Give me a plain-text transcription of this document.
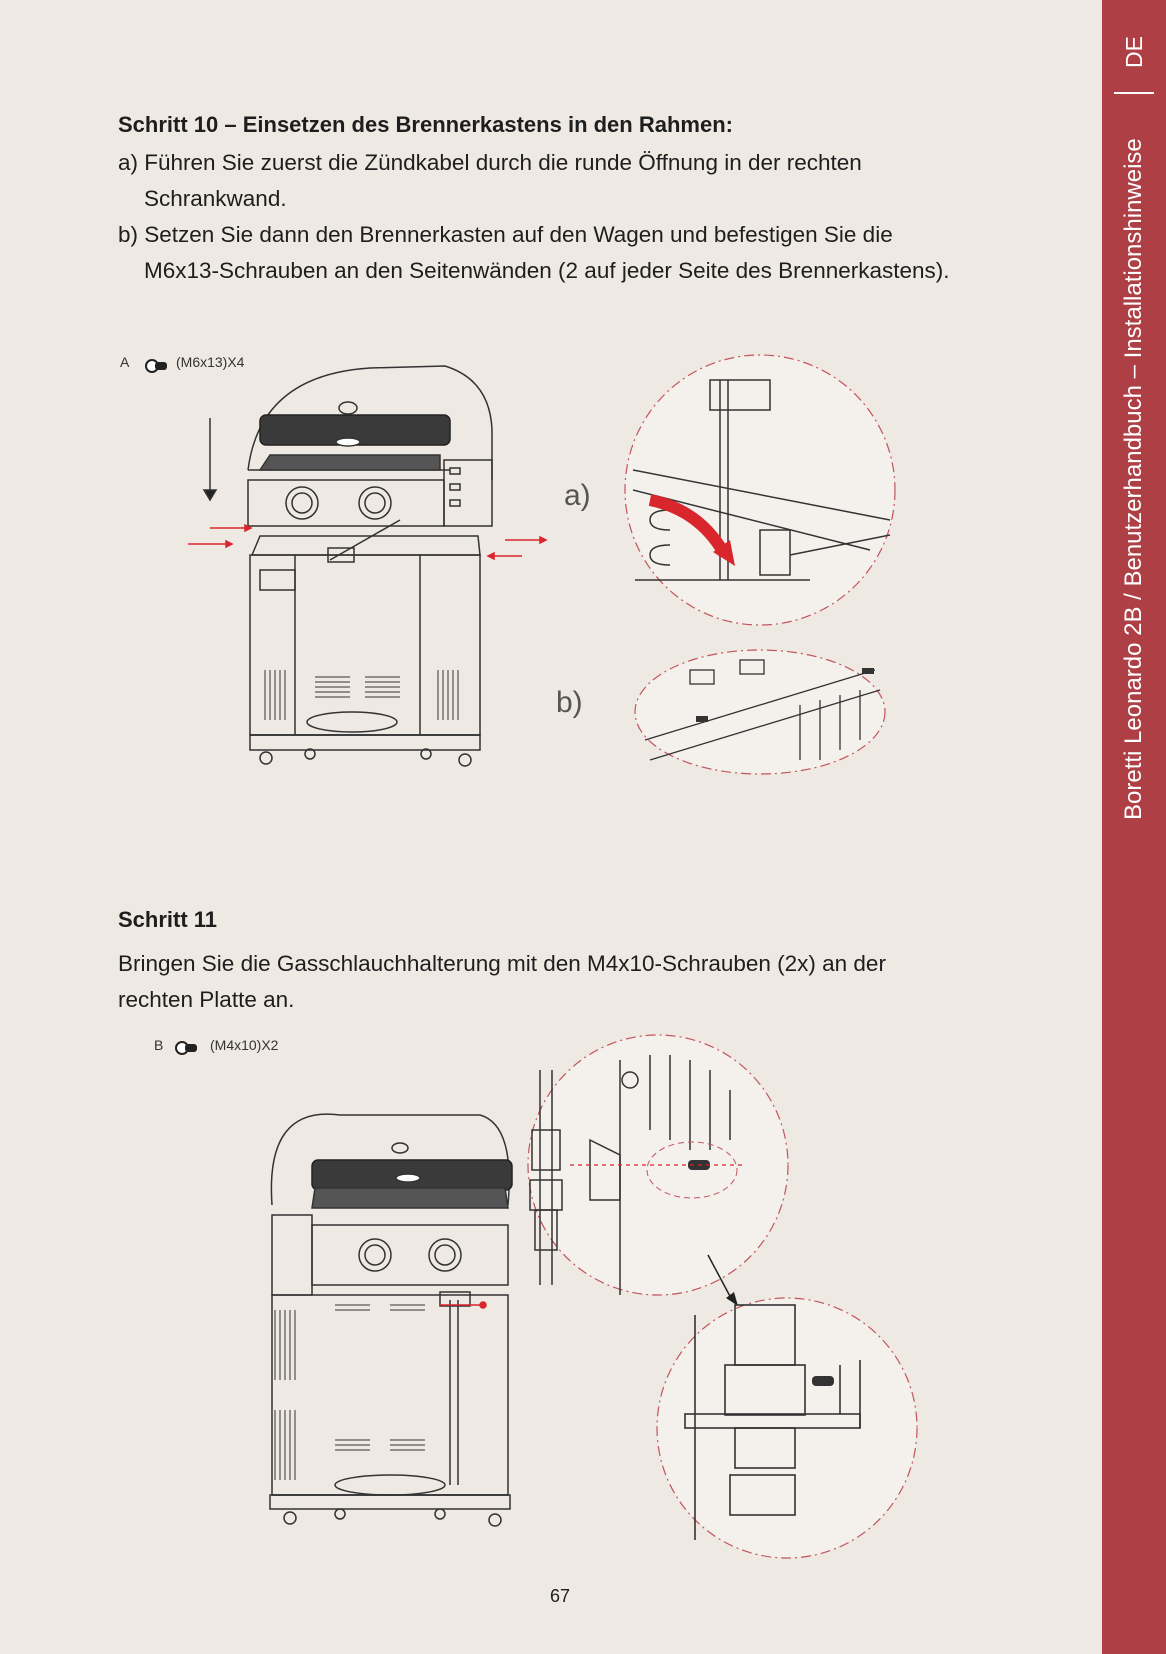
DE
Boretti Leonardo 2B / Benutzerhandbuch – Installationshinweise
Schritt 10 – Einsetzen des Brennerkastens in den Rahmen:
a) Führen Sie zuerst die Zündkabel durch die runde Öffnung in der rechten
Schrankwand.
b) Setzen Sie dann den Brennerkasten auf den Wagen und befestigen Sie die
M6x13-Schrauben an den Seitenwänden (2 auf jeder Seite des Brennerkastens).
A	(M6x13)X4
a)
b)
Schritt 11
Bringen Sie die Gasschlauchhalterung mit den M4x10-Schrauben (2x) an der
rechten Platte an.
B	(M4x10)X2
67
